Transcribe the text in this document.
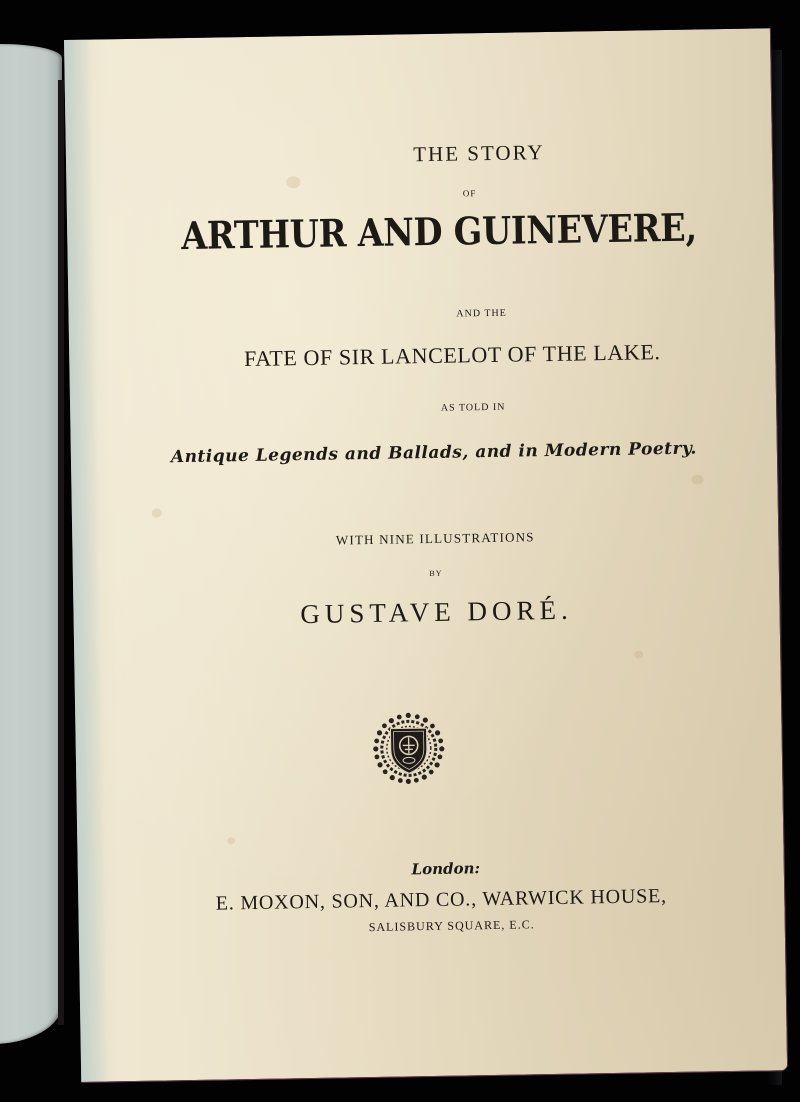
THE STORY
OF
ARTHUR AND GUINEVERE,
AND THE
FATE OF SIR LANCELOT OF THE LAKE.
AS TOLD IN
Antique Legends and Ballads, and in Modern Poetry.
WITH NINE ILLUSTRATIONS
BY
GUSTAVE DORÉ.
London:
E. MOXON, SON, AND CO., WARWICK HOUSE,
SALISBURY SQUARE, E.C.
